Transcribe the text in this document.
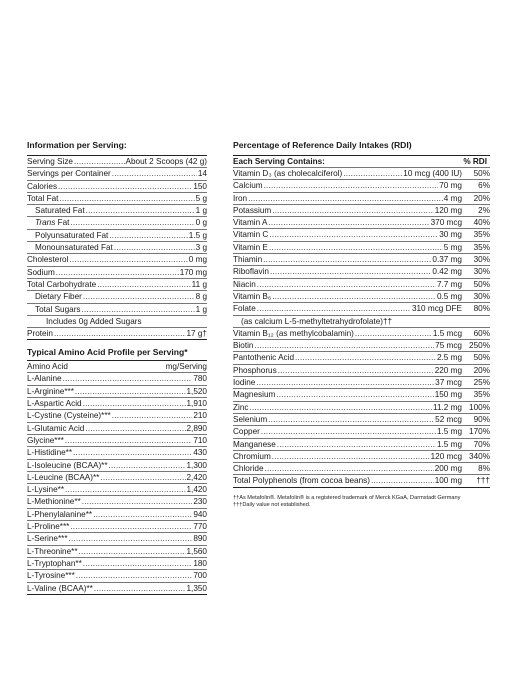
Information per Serving:
Serving Size .....	About 2 Scoops (42 g)
Servings per Container .....	14
Calories .....	150
Total Fat .....	5 g
Saturated Fat .....	1 g
Trans Fat .....	0 g
Polyunsaturated Fat .....	1.5 g
Monounsaturated Fat .....	3 g
Cholesterol .....	0 mg
Sodium .....	170 mg
Total Carbohydrate .....	11 g
Dietary Fiber .....	8 g
Total Sugars .....	1 g
Includes 0g Added Sugars
Protein .....	17 g†
Typical Amino Acid Profile per Serving*
Amino Acid	mg/Serving
L-Alanine .....	780
L-Arginine*** .....	1,520
L-Aspartic Acid .....	1,910
L-Cystine (Cysteine)*** .....	210
L-Glutamic Acid .....	2,890
Glycine*** .....	710
L-Histidine** .....	430
L-Isoleucine (BCAA)** .....	1,300
L-Leucine (BCAA)** .....	2,420
L-Lysine** .....	1,420
L-Methionine** .....	230
L-Phenylalanine** .....	940
L-Proline*** .....	770
L-Serine*** .....	890
L-Threonine** .....	1,560
L-Tryptophan** .....	180
L-Tyrosine*** .....	700
L-Valine (BCAA)** .....	1,350
Percentage of Reference Daily Intakes (RDI)
Each Serving Contains:	% RDI
Vitamin D₃ (as cholecalciferol) .....	10 mcg (400 IU)	50%
Calcium .....	70 mg	6%
Iron .....	4 mg	20%
Potassium .....	120 mg	2%
Vitamin A .....	370 mcg	40%
Vitamin C .....	30 mg	35%
Vitamin E .....	5 mg	35%
Thiamin .....	0.37 mg	30%
Riboflavin .....	0.42 mg	30%
Niacin .....	7.7 mg	50%
Vitamin B₆ .....	0.5 mg	30%
Folate .....	310 mcg DFE	80%
(as calcium L-5-methyltetrahydrofolate)††
Vitamin B₁₂ (as methylcobalamin) .....	1.5 mcg	60%
Biotin .....	75 mcg 250%
Pantothenic Acid .....	2.5 mg	50%
Phosphorus .....	220 mg	20%
Iodine .....	37 mcg	25%
Magnesium .....	150 mg	35%
Zinc .....	11.2 mg 100%
Selenium .....	52 mcg	90%
Copper .....	1.5 mg 170%
Manganese .....	1.5 mg	70%
Chromium .....	120 mcg 340%
Chloride .....	200 mg	8%
Total Polyphenols (from cocoa beans) .....	100 mg	†††
††As Metafolin®. Metafolin® is a registered trademark of Merck KGaA, Darmstadt Germany
†††Daily value not established.
